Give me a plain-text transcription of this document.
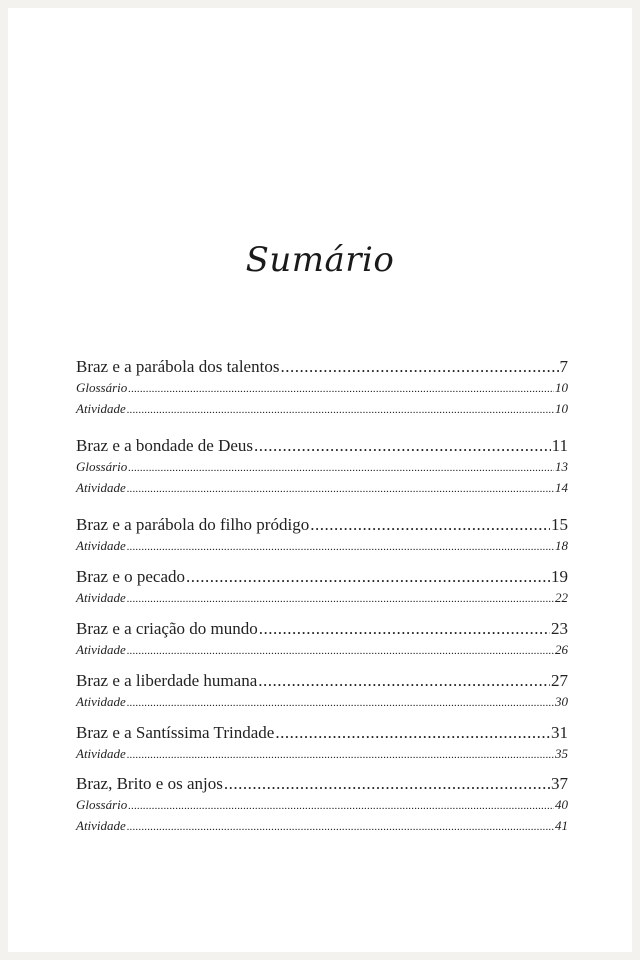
Sumário
Braz e a parábola dos talentos .....	7
Glossário .....	10
Atividade .....	10
Braz e a bondade de Deus .....	11
Glossário .....	13
Atividade .....	14
Braz e a parábola do filho pródigo .....	15
Atividade .....	18
Braz e o pecado .....	19
Atividade .....	22
Braz e a criação do mundo .....	23
Atividade .....	26
Braz e a liberdade humana .....	27
Atividade .....	30
Braz e a Santíssima Trindade .....	31
Atividade .....	35
Braz, Brito e os anjos .....	37
Glossário .....	40
Atividade .....	41
